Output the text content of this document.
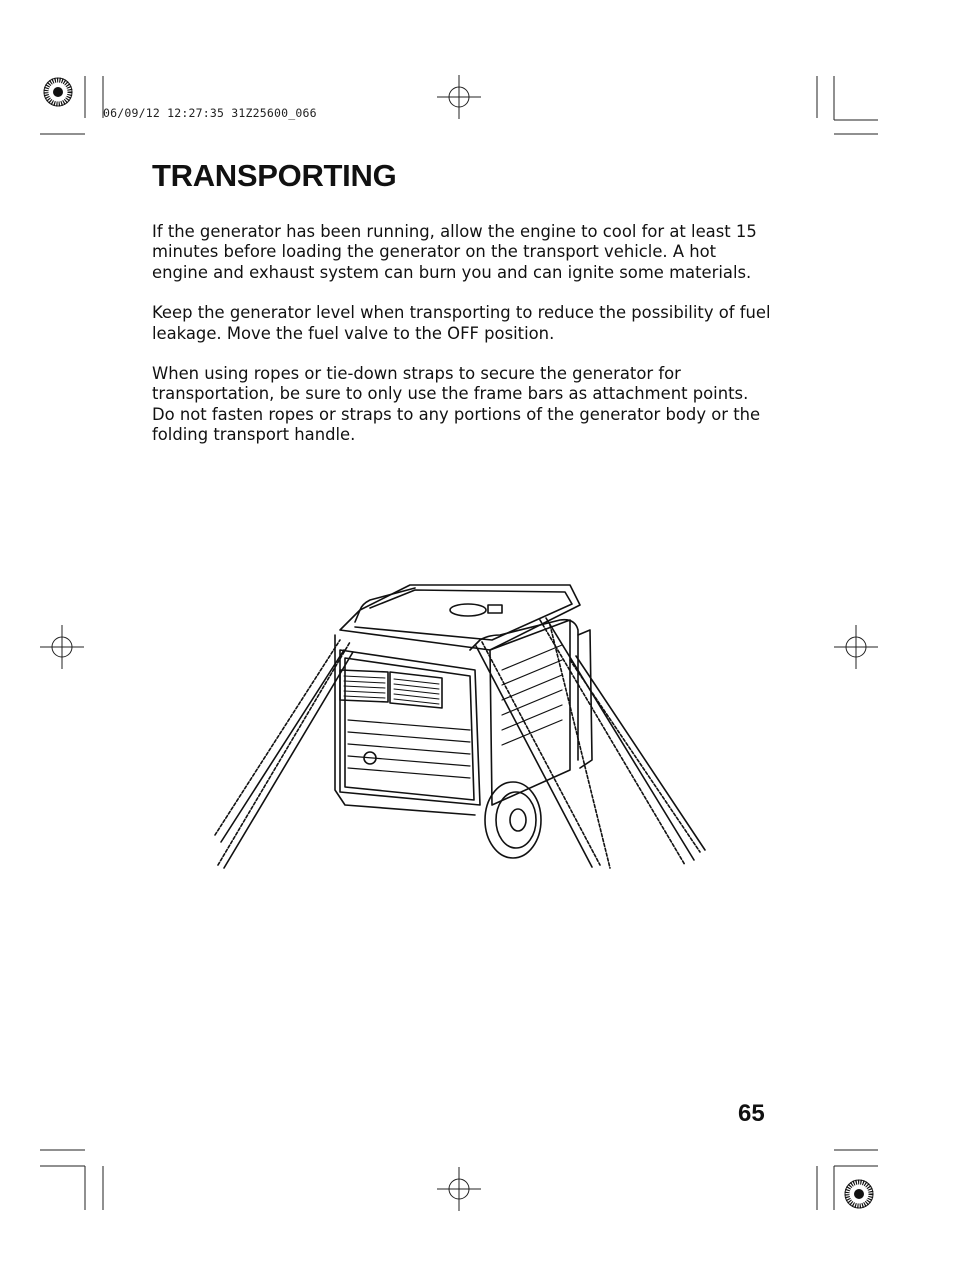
06/09/12 12:27:35 31Z25600_066
TRANSPORTING

If the generator has been running, allow the engine to cool for at least 15 minutes before loading the generator on the transport vehicle. A hot engine and exhaust system can burn you and can ignite some materials.

Keep the generator level when transporting to reduce the possibility of fuel leakage. Move the fuel valve to the OFF position.

When using ropes or tie-down straps to secure the generator for transportation, be sure to only use the frame bars as attachment points. Do not fasten ropes or straps to any portions of the generator body or the folding transport handle.

65
